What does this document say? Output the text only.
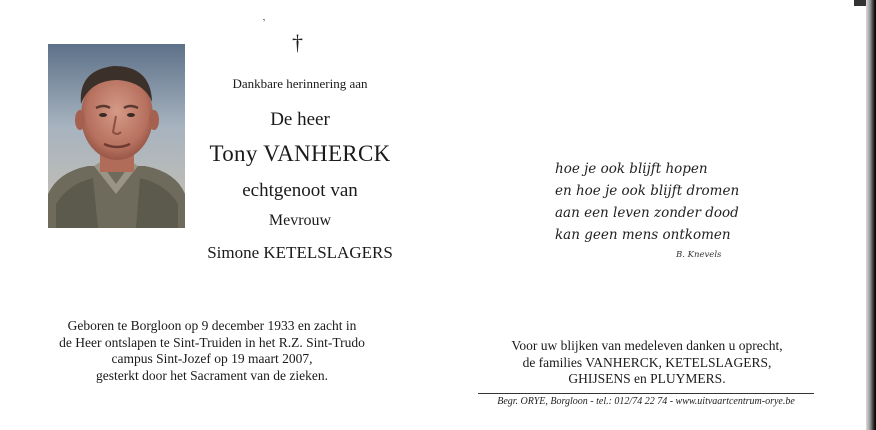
,
†
Dankbare herinnering aan
De heer
Tony VANHERCK
echtgenoot van
Mevrouw
Simone KETELSLAGERS
hoe je ook blijft hopen
en hoe je ook blijft dromen
aan een leven zonder dood
kan geen mens ontkomen
B. Knevels
Geboren te Borgloon op 9 december 1933 en zacht in
de Heer ontslapen te Sint-Truiden in het R.Z. Sint-Trudo
campus Sint-Jozef op 19 maart 2007,
gesterkt door het Sacrament van de zieken.
Voor uw blijken van medeleven danken u oprecht,
de families VANHERCK, KETELSLAGERS,
GHIJSENS en PLUYMERS.
Begr. ORYE, Borgloon - tel.: 012/74 22 74 - www.uitvaartcentrum-orye.be
